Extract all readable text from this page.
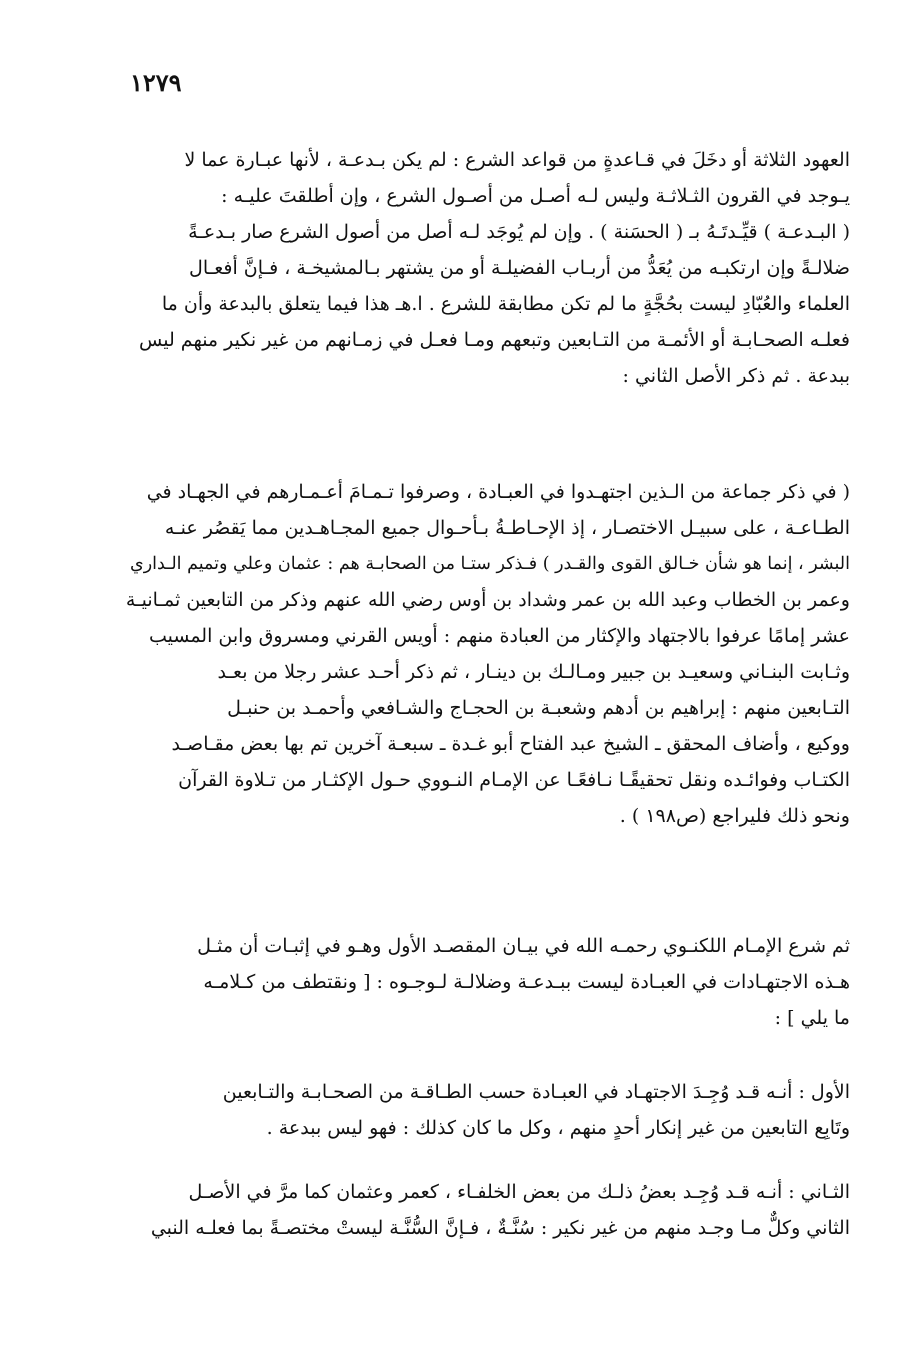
١٢٧٩
العهود الثلاثة أو دخَلَ في قـاعدةٍ من قواعد الشرع : لم يكن بـدعـة ، لأنها عبـارة عما لا
يـوجد في القرون الثـلاثـة وليس لـه أصـل من أصـول الشرع ، وإن أطلقتَ عليـه :
( البـدعـة ) قيِّـدتَـهُ بـ ( الحسَنة ) . وإن لم يُوجَد لـه أصل من أصول الشرع صار بـدعـةً
ضلالـةً وإن ارتكبـه من يُعَدُّ من أربـاب الفضيلـة أو من يشتهر بـالمشيخـة ، فـإنَّ أفعـال
العلماء والعُبّادِ ليست بحُجَّةٍ ما لم تكن مطابقة للشرع . ا.هـ هذا فيما يتعلق بالبدعة وأن ما
فعلـه الصحـابـة أو الأئمـة من التـابعين وتبعهم ومـا فعـل في زمـانهم من غير نكير منهم ليس
ببدعة . ثم ذكر الأصل الثاني :
( في ذكر جماعة من الـذين اجتهـدوا في العبـادة ، وصرفوا تـمـامَ أعـمـارهم في الجهـاد في
الطـاعـة ، على سبيـل الاختصـار ، إذ الإحـاطـةُ بـأحـوال جميع المجـاهـدين مما يَقصُر عنـه
البشر ، إنما هو شأن خـالق القوى والقـدر ) فـذكر ستـا من الصحابـة هم : عثمان وعلي وتميم الـداري
وعمر بن الخطاب وعبد الله بن عمر وشداد بن أوس رضي الله عنهم وذكر من التابعين ثمـانيـة
عشر إمامًا عرفوا بالاجتهاد والإكثار من العبادة منهم : أويس القرني ومسروق وابن المسيب
وثـابت البنـاني وسعيـد بن جبير ومـالـك بن دينـار ، ثم ذكر أحـد عشر رجلا من بعـد
التـابعين منهم : إبراهيم بن أدهم وشعبـة بن الحجـاج والشـافعي وأحمـد بن حنبـل
ووكيع ، وأضاف المحقق ـ الشيخ عبد الفتاح أبو غـدة ـ سبعـة آخرين تم بها بعض مقـاصـد
الكتـاب وفوائـده ونقل تحقيقًـا نـافعًـا عن الإمـام النـووي حـول الإكثـار من تـلاوة القرآن
ونحو ذلك فليراجع (ص١٩٨ ) .
ثم شرع الإمـام اللكنـوي رحمـه الله في بيـان المقصـد الأول وهـو في إثبـات أن مثـل
هـذه الاجتهـادات في العبـادة ليست ببـدعـة وضلالـة لـوجـوه : [ ونقتطف من كـلامـه
ما يلي ] :
الأول : أنـه قـد وُجِـدَ الاجتهـاد في العبـادة حسب الطـاقـة من الصحـابـة والتـابعين
وتَابِع التابعين من غير إنكار أحدٍ منهم ، وكل ما كان كذلك : فهو ليس ببدعة .
الثـاني : أنـه قـد وُجِـد بعضُ ذلـك من بعض الخلفـاء ، كعمر وعثمان كما مرَّ في الأصـل
الثاني وكلٌّ مـا وجـد منهم من غير نكير : سُنَّـةٌ ، فـإنَّ السُّنَّـة ليستْ مختصـةً بما فعلـه النبي
